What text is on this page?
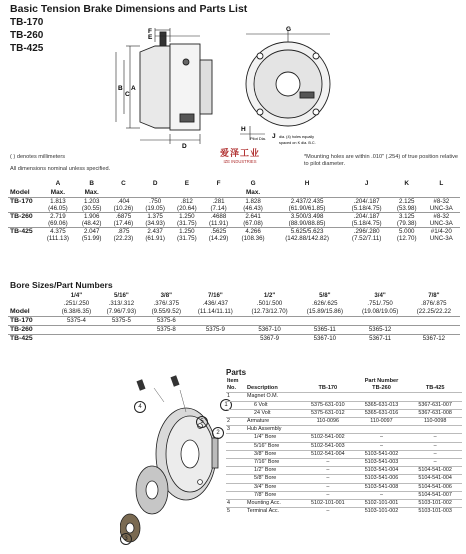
Basic Tension Brake Dimensions and Parts List
TB-170
TB-260
TB-425
F
E
A
B
C
D
G
H
Pilot Dia. J dia. (4) holes equally
spaced on K dia. B.C.
爱泽工业
IZE INDUSTRIES
( ) denotes millimeters
All dimensions nominal unless specified.
*Mounting holes are within .010" (.254) of true position relative to pilot diameter.
	A	B	C	D	E	F	G	H	J	K	L
Model	Max.	Max.					Max.				
TB-170	1.813	1.203	.404	.750	.812	.281	1.828	2.437/2.435	.204/.187	2.125	#8-32
	(46.05)	(30.55)	(10.26)	(19.05)	(20.64)	(7.14)	(46.43)	(61.90/61.85)	(5.18/4.75)	(53.98)	UNC-3A
TB-260	2.719	1.906	.6875	1.375	1.250	.4688	2.641	3.500/3.498	.204/.187	3.125	#8-32
	(69.06)	(48.42)	(17.46)	(34.93)	(31.75)	(11.91)	(67.08)	(88.90/88.85)	(5.18/4.75)	(79.38)	UNC-3A
TB-425	4.375	2.047	.875	2.437	1.250	.5625	4.266	5.625/5.623	.296/.280	5.000	#1/4-20
	(111.13)	(51.99)	(22.23)	(61.91)	(31.75)	(14.29)	(108.36)	(142.88/142.82)	(7.52/7.11)	(12.70)	UNC-3A
Bore Sizes/Part Numbers
	1/4"	5/16"	3/8"	7/16"	1/2"	5/8"	3/4"	7/8"
	.251/.250	.313/.312	.376/.375	.436/.437	.501/.500	.626/.625	.751/.750	.876/.875
Model	(6.38/6.35)	(7.96/7.93)	(9.55/9.52)	(11.14/11.11)	(12.73/12.70)	(15.89/15.86)	(19.08/19.05)	(22.25/22.22
TB-170	5375-4	5375-5	5375-6					
TB-260			5375-8	5375-9	5367-10	5365-11	5365-12	
TB-425					5367-9	5367-10	5367-11	5367-12
1
2
3
4
5
Parts
Item		Part Number		
No.	Description	TB-170	TB-260	TB-425
1	Magnet O.M.			
	6 Volt	5375-631-010	5365-631-013	5367-631-007
	24 Volt	5375-631-012	5365-631-016	5367-631-008
2	Armature	110-0096	110-0097	110-0098
3	Hub Assembly			
	1/4" Bore	5102-541-002	–	–
	5/16" Bore	5102-541-003	–	–
	3/8" Bore	5102-541-004	5103-541-002	–
	7/16" Bore	–	5103-541-003	–
	1/2" Bore	–	5103-541-004	5104-541-002
	5/8" Bore	–	5103-541-006	5104-541-004
	3/4" Bore	–	5103-541-008	5104-541-006
	7/8" Bore	–	–	5104-541-007
4	Mounting Acc.	5102-101-001	5102-101-001	5103-101-002
5	Terminal Acc.	–	5103-101-002	5103-101-003
